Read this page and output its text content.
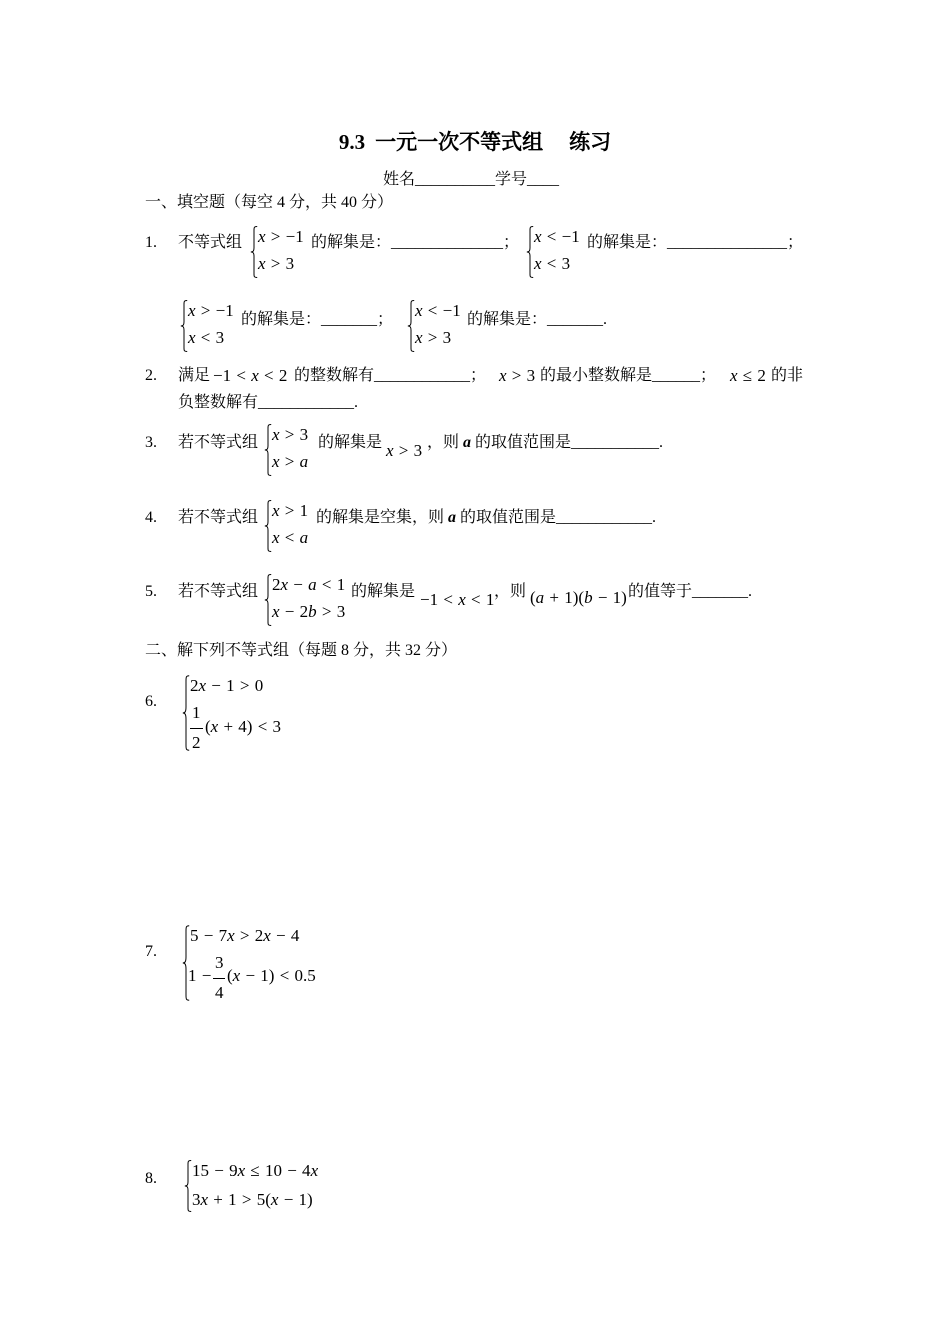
9.3 一元一次不等式组 练习
姓名__________学号____
一、填空题（每空 4 分，共 40 分）
1. 不等式组 x > −1
x > 3
的解集是：______________； x < −1
x < 3
的解集是：_______________；
x > −1
x < 3
的解集是：_______； x < −1
x > 3
的解集是：_______.
2. 满足 −1 < x < 2 的整数解有____________； x > 3 的最小整数解是______； x ≤ 2 的非
负整数解有____________.
3. 若不等式组 x > 3
x > a
的解集是 x > 3 ，则 a 的取值范围是___________.
4. 若不等式组 x > 1
x < a
的解集是空集，则 a 的取值范围是____________.
5. 若不等式组 2x − a < 1
x − 2b > 3
的解集是 −1 < x < 1 ，则 (a + 1)(b − 1) 的值等于_______.
二、解下列不等式组（每题 8 分，共 32 分）
6.
2x − 1 > 0
1
2
(x + 4) < 3
7.
5 − 7x > 2x − 4
1 −
3
4
(x − 1) < 0.5
8. 15 − 9x ≤ 10 − 4x
3x + 1 > 5(x − 1)
